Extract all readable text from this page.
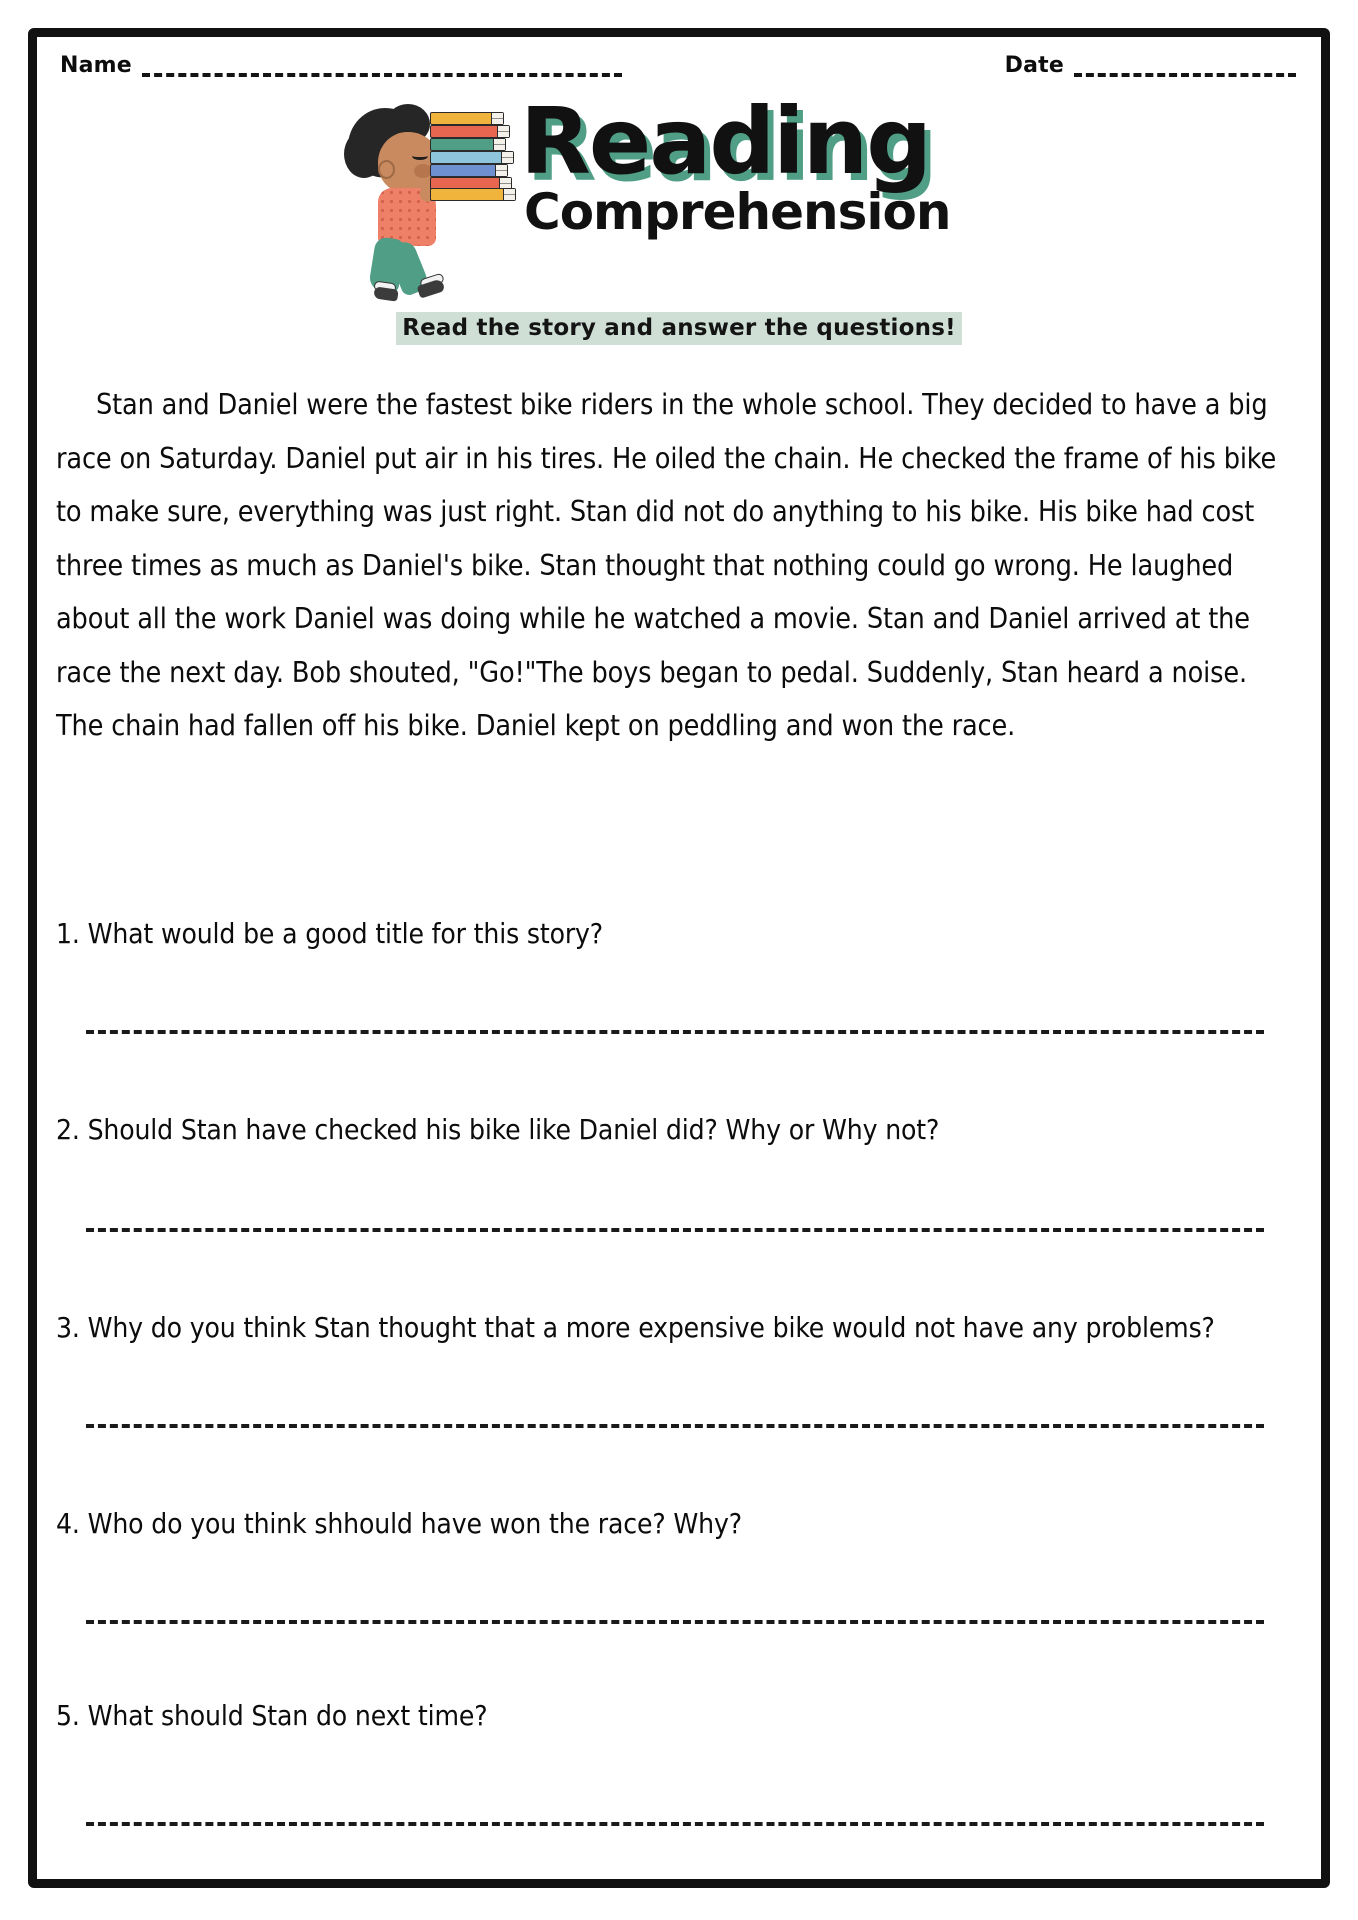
Name	Date
Reading
Comprehension
Read the story and answer the questions!

Stan and Daniel were the fastest bike riders in the whole school. They decided to have a big race on Saturday. Daniel put air in his tires. He oiled the chain. He checked the frame of his bike to make sure, everything was just right. Stan did not do anything to his bike. His bike had cost three times as much as Daniel's bike. Stan thought that nothing could go wrong. He laughed about all the work Daniel was doing while he watched a movie. Stan and Daniel arrived at the race the next day. Bob shouted, "Go!"The boys began to pedal. Suddenly, Stan heard a noise. The chain had fallen off his bike. Daniel kept on peddling and won the race.

1. What would be a good title for this story?
2. Should Stan have checked his bike like Daniel did? Why or Why not?
3. Why do you think Stan thought that a more expensive bike would not have any problems?
4. Who do you think shhould have won the race? Why?
5. What should Stan do next time?
